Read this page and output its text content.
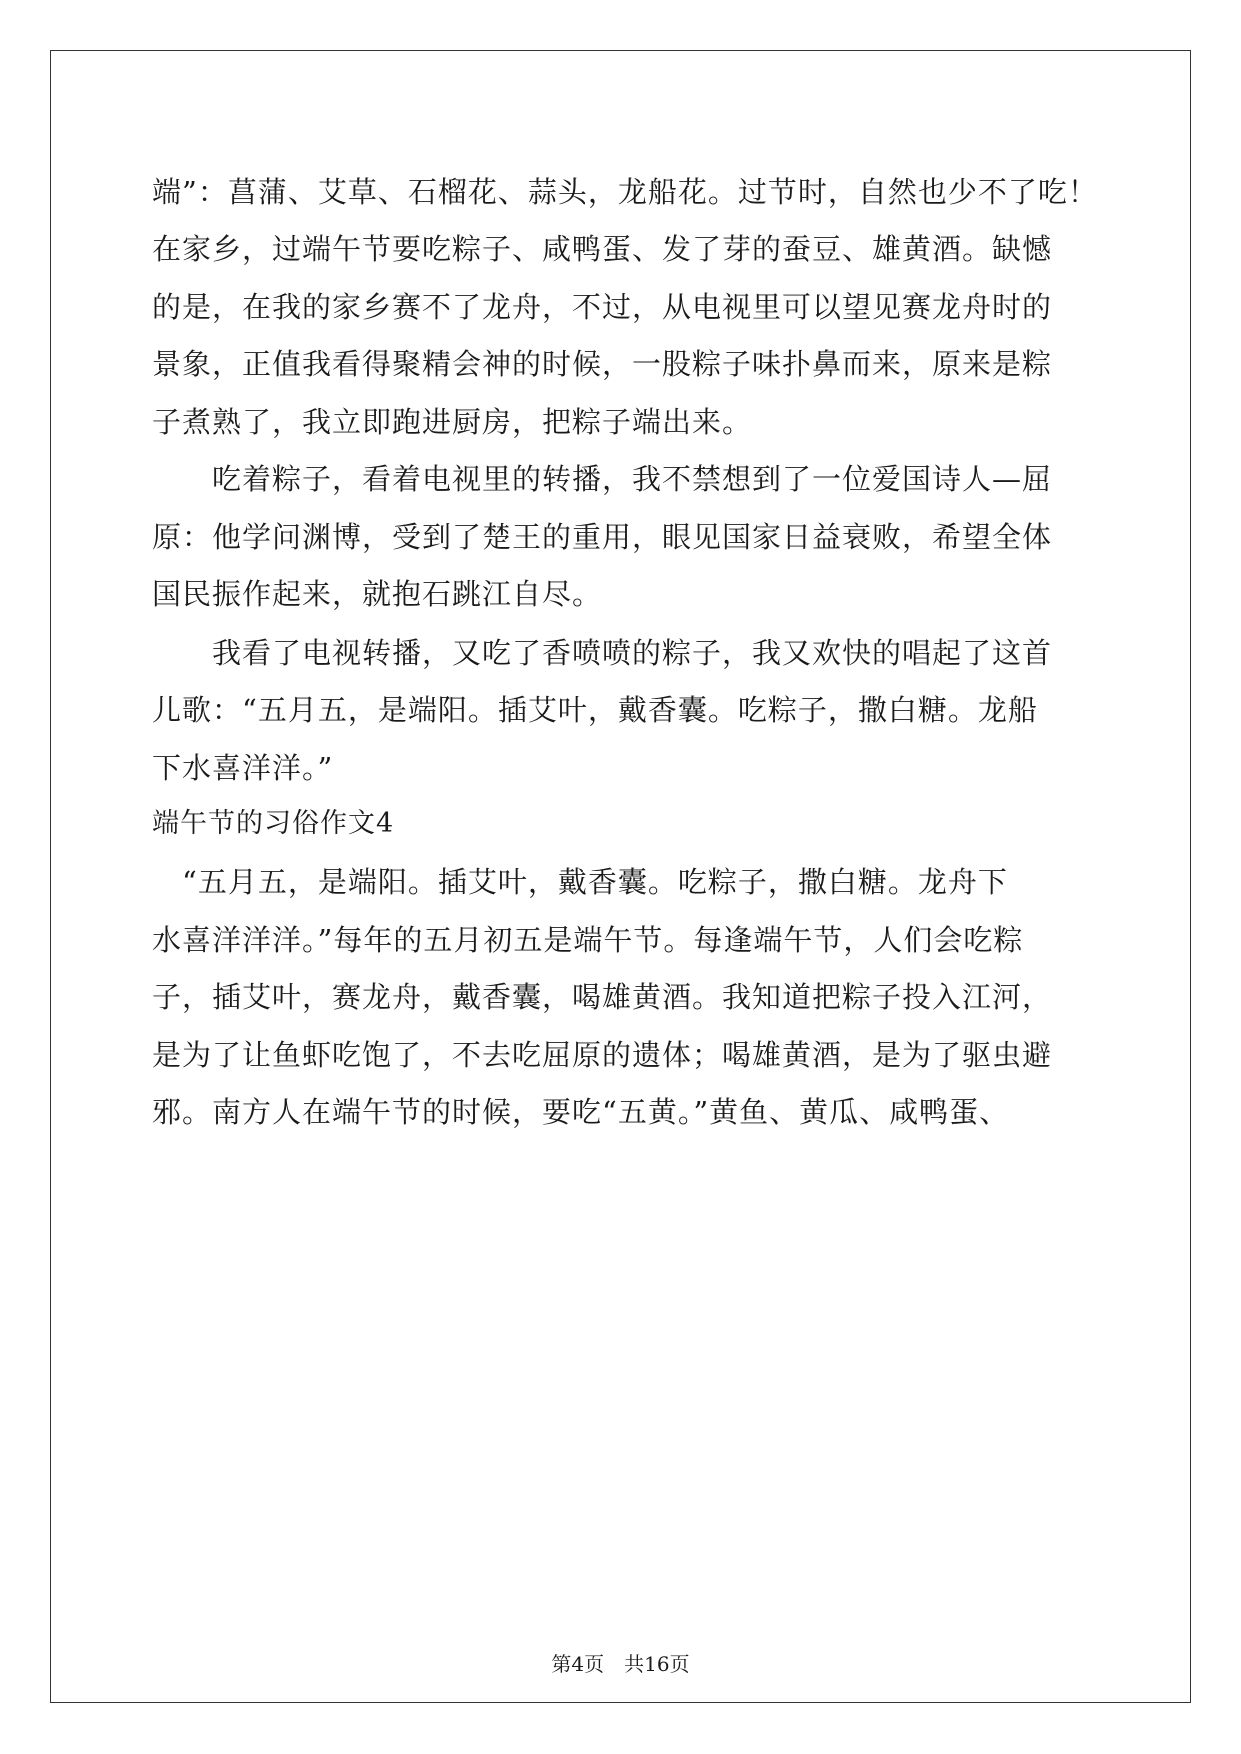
端”：菖蒲、艾草、石榴花、蒜头，龙船花。过节时，自然也少不了吃！
在家乡，过端午节要吃粽子、咸鸭蛋、发了芽的蚕豆、雄黄酒。缺憾
的是，在我的家乡赛不了龙舟，不过，从电视里可以望见赛龙舟时的
景象，正值我看得聚精会神的时候，一股粽子味扑鼻而来，原来是粽
子煮熟了，我立即跑进厨房，把粽子端出来。
　　吃着粽子，看着电视里的转播，我不禁想到了一位爱国诗人—屈
原：他学问渊博，受到了楚王的重用，眼见国家日益衰败，希望全体
国民振作起来，就抱石跳江自尽。
　　我看了电视转播，又吃了香喷喷的粽子，我又欢快的唱起了这首
儿歌：“五月五，是端阳。插艾叶，戴香囊。吃粽子，撒白糖。龙船
下水喜洋洋。”
端午节的习俗作文4
　“五月五，是端阳。插艾叶，戴香囊。吃粽子，撒白糖。龙舟下
水喜洋洋洋。”每年的五月初五是端午节。每逢端午节，人们会吃粽
子，插艾叶，赛龙舟，戴香囊，喝雄黄酒。我知道把粽子投入江河，
是为了让鱼虾吃饱了，不去吃屈原的遗体；喝雄黄酒，是为了驱虫避
邪。南方人在端午节的时候，要吃“五黄。”黄鱼、黄瓜、咸鸭蛋、
第4页　共16页
